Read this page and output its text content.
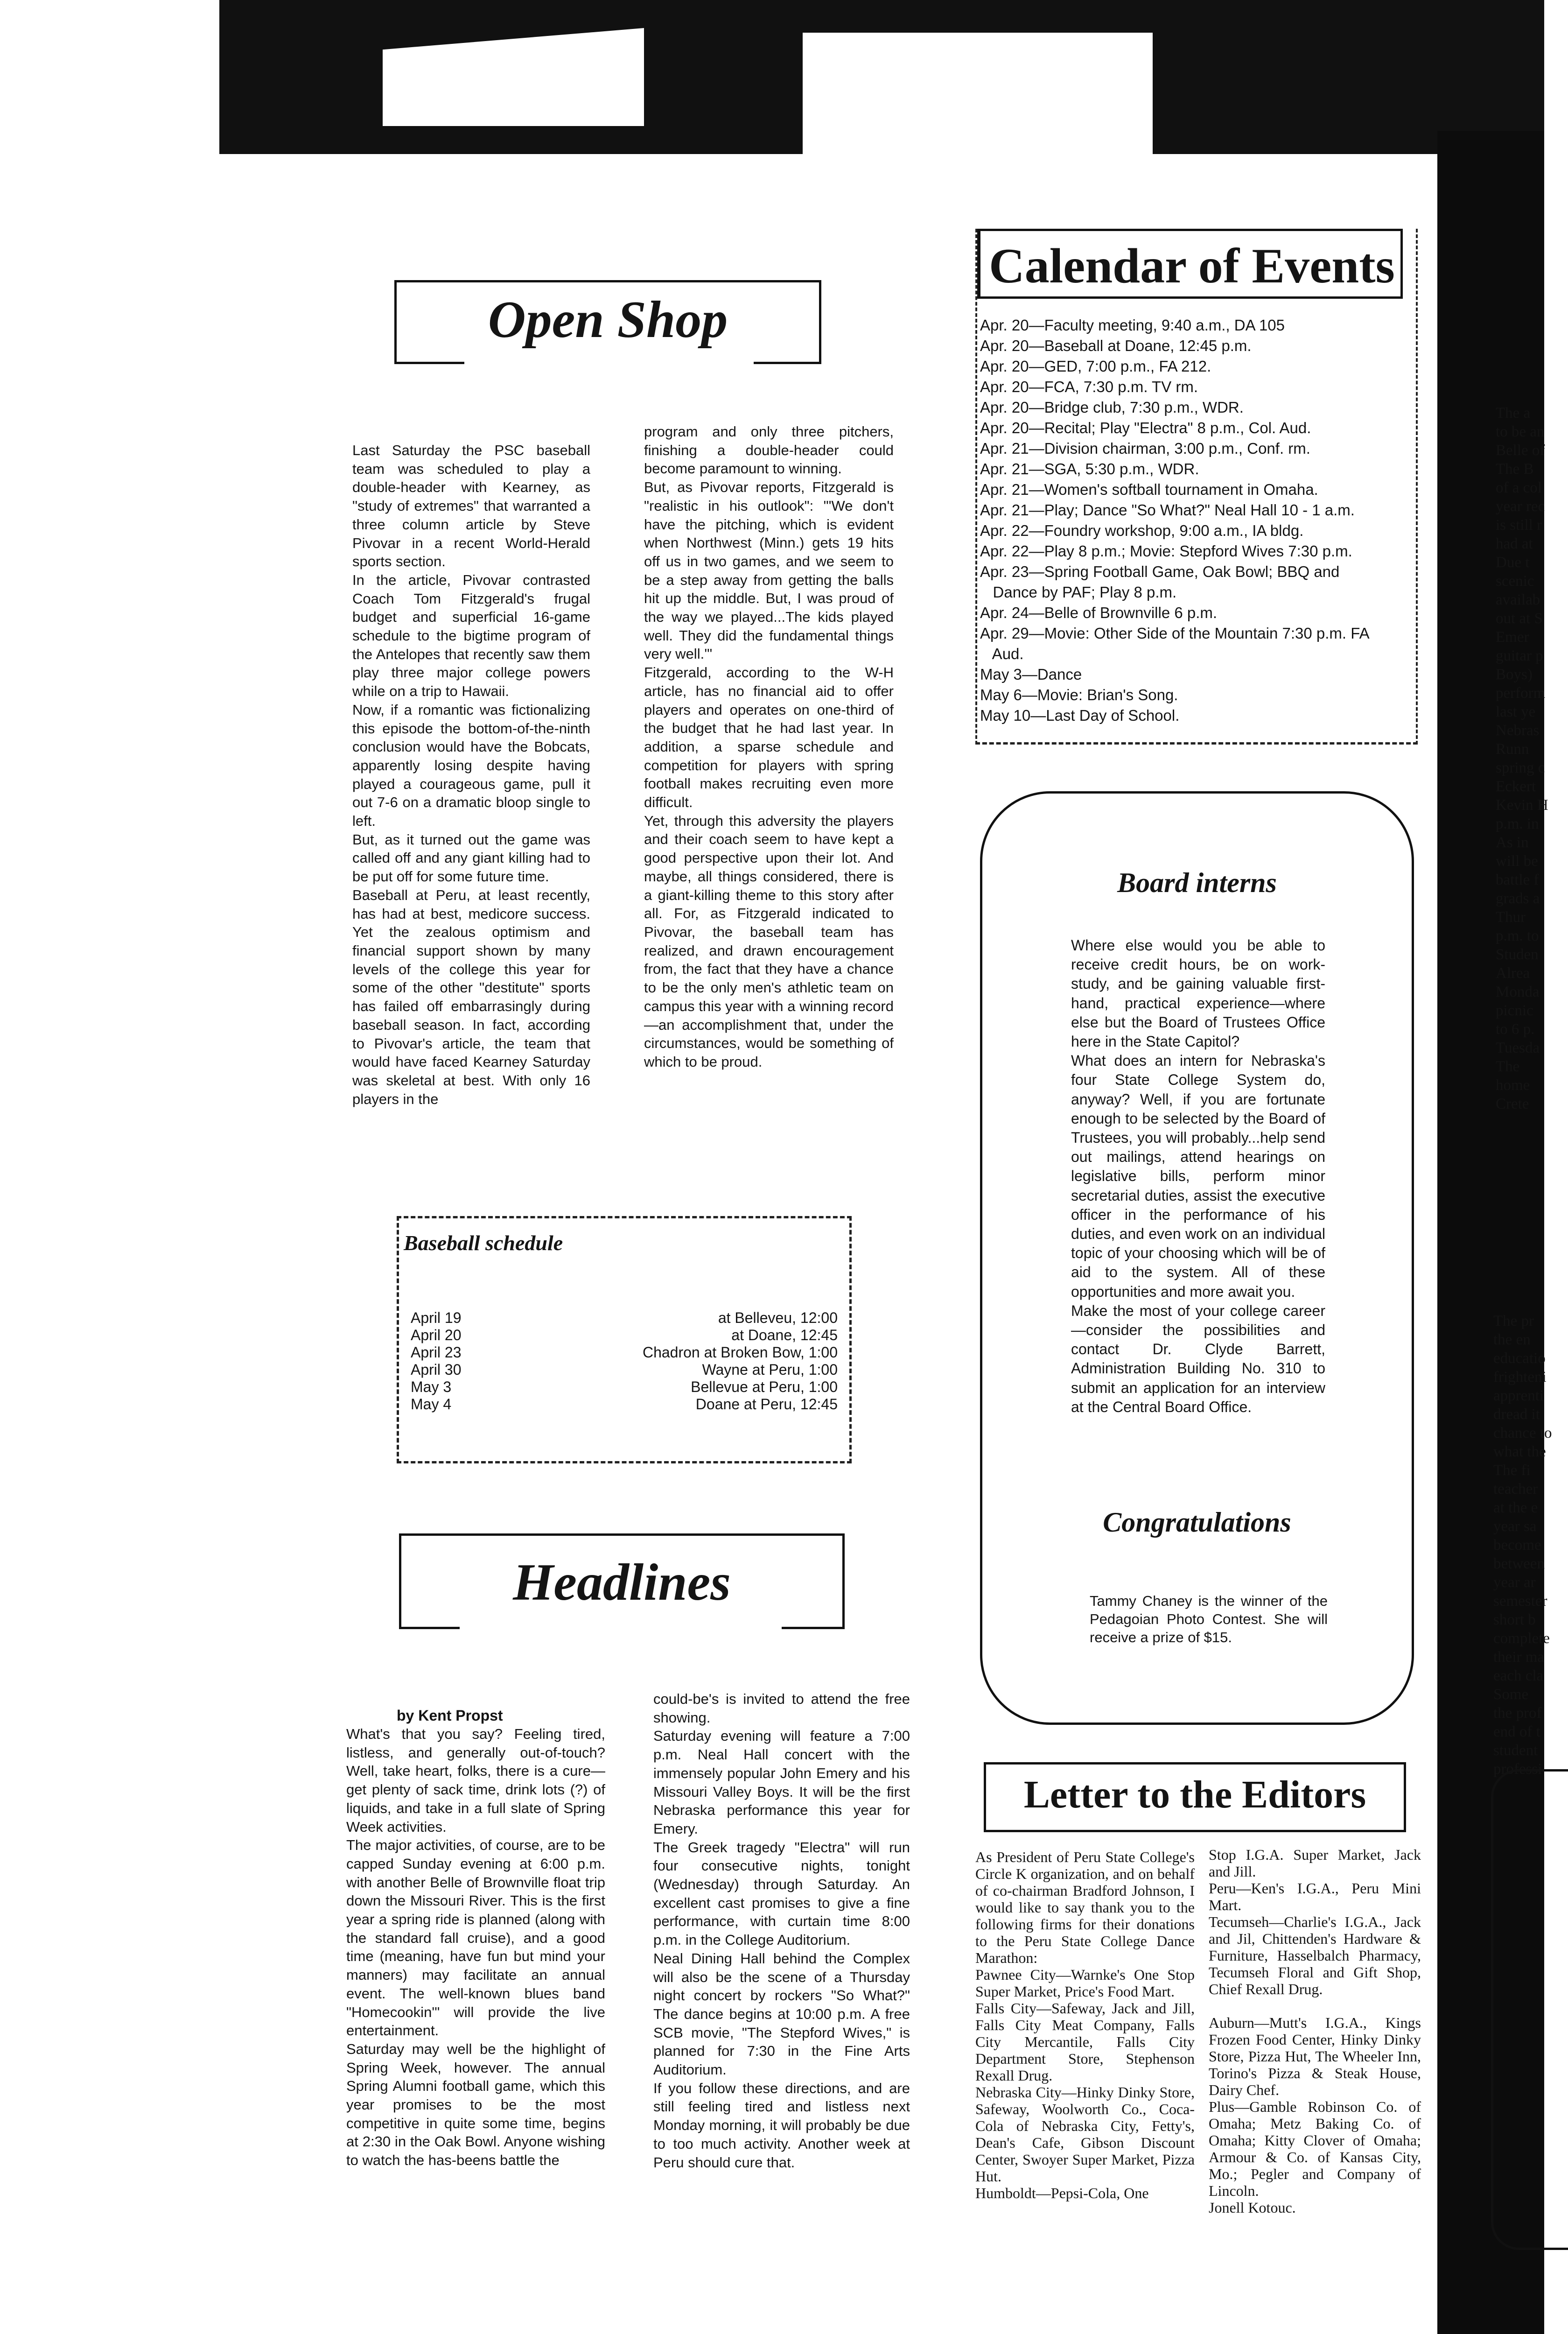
Open Shop
Last Saturday the PSC baseball team was scheduled to play a double-header with Kearney, as "study of extremes" that warranted a three column article by Steve Pivovar in a recent World-Herald sports section.
In the article, Pivovar contrasted Coach Tom Fitzgerald's frugal budget and superficial 16-game schedule to the bigtime program of the Antelopes that recently saw them play three major college powers while on a trip to Hawaii.
Now, if a romantic was fictionalizing this episode the bottom-of-the-ninth conclusion would have the Bobcats, apparently losing despite having played a courageous game, pull it out 7-6 on a dramatic bloop single to left.
But, as it turned out the game was called off and any giant killing had to be put off for some future time.
Baseball at Peru, at least recently, has had at best, medicore success. Yet the zealous optimism and financial support shown by many levels of the college this year for some of the other "destitute" sports has failed off embarrasingly during baseball season. In fact, according to Pivovar's article, the team that would have faced Kearney Saturday was skeletal at best. With only 16 players in the
program and only three pitchers, finishing a double-header could become paramount to winning.
But, as Pivovar reports, Fitzgerald is "realistic in his outlook": "'We don't have the pitching, which is evident when Northwest (Minn.) gets 19 hits off us in two games, and we seem to be a step away from getting the balls hit up the middle. But, I was proud of the way we played...The kids played well. They did the fundamental things very well.'"
Fitzgerald, according to the W-H article, has no financial aid to offer players and operates on one-third of the budget that he had last year. In addition, a sparse schedule and competition for players with spring football makes recruiting even more difficult.
Yet, through this adversity the players and their coach seem to have kept a good perspective upon their lot. And maybe, all things considered, there is a giant-killing theme to this story after all. For, as Fitzgerald indicated to Pivovar, the baseball team has realized, and drawn encouragement from, the fact that they have a chance to be the only men's athletic team on campus this year with a winning record—an accomplishment that, under the circumstances, would be something of which to be proud.
Baseball schedule
April 19	at Belleveu, 12:00
April 20	at Doane, 12:45
April 23	Chadron at Broken Bow, 1:00
April 30	Wayne at Peru, 1:00
May 3	Bellevue at Peru, 1:00
May 4	Doane at Peru, 12:45
Headlines
by Kent Propst
What's that you say? Feeling tired, listless, and generally out-of-touch? Well, take heart, folks, there is a cure—get plenty of sack time, drink lots (?) of liquids, and take in a full slate of Spring Week activities.
The major activities, of course, are to be capped Sunday evening at 6:00 p.m. with another Belle of Brownville float trip down the Missouri River. This is the first year a spring ride is planned (along with the standard fall cruise), and a good time (meaning, have fun but mind your manners) may facilitate an annual event. The well-known blues band "Homecookin'" will provide the live entertainment.
Saturday may well be the highlight of Spring Week, however. The annual Spring Alumni football game, which this year promises to be the most competitive in quite some time, begins at 2:30 in the Oak Bowl. Anyone wishing to watch the has-beens battle the
could-be's is invited to attend the free showing.
Saturday evening will feature a 7:00 p.m. Neal Hall concert with the immensely popular John Emery and his Missouri Valley Boys. It will be the first Nebraska performance this year for Emery.
The Greek tragedy "Electra" will run four consecutive nights, tonight (Wednesday) through Saturday. An excellent cast promises to give a fine performance, with curtain time 8:00 p.m. in the College Auditorium.
Neal Dining Hall behind the Complex will also be the scene of a Thursday night concert by rockers "So What?" The dance begins at 10:00 p.m. A free SCB movie, "The Stepford Wives," is planned for 7:30 in the Fine Arts Auditorium.
If you follow these directions, and are still feeling tired and listless next Monday morning, it will probably be due to too much activity. Another week at Peru should cure that.
Calendar of Events
Apr. 20—Faculty meeting, 9:40 a.m., DA 105
Apr. 20—Baseball at Doane, 12:45 p.m.
Apr. 20—GED, 7:00 p.m., FA 212.
Apr. 20—FCA, 7:30 p.m. TV rm.
Apr. 20—Bridge club, 7:30 p.m., WDR.
Apr. 20—Recital; Play "Electra" 8 p.m., Col. Aud.
Apr. 21—Division chairman, 3:00 p.m., Conf. rm.
Apr. 21—SGA, 5:30 p.m., WDR.
Apr. 21—Women's softball tournament in Omaha.
Apr. 21—Play; Dance "So What?" Neal Hall 10 - 1 a.m.
Apr. 22—Foundry workshop, 9:00 a.m., IA bldg.
Apr. 22—Play 8 p.m.; Movie: Stepford Wives 7:30 p.m.
Apr. 23—Spring Football Game, Oak Bowl; BBQ and
Dance by PAF; Play 8 p.m.
Apr. 24—Belle of Brownville 6 p.m.
Apr. 29—Movie: Other Side of the Mountain 7:30 p.m. FA
Aud.
May 3—Dance
May 6—Movie: Brian's Song.
May 10—Last Day of School.
Board interns
Where else would you be able to receive credit hours, be on work-study, and be gaining valuable first-hand, practical experience—where else but the Board of Trustees Office here in the State Capitol?
What does an intern for Nebraska's four State College System do, anyway? Well, if you are fortunate enough to be selected by the Board of Trustees, you will probably...help send out mailings, attend hearings on legislative bills, perform minor secretarial duties, assist the executive officer in the performance of his duties, and even work on an individual topic of your choosing which will be of aid to the system. All of these opportunities and more await you.
Make the most of your college career—consider the possibilities and contact Dr. Clyde Barrett, Administration Building No. 310 to submit an application for an interview at the Central Board Office.
Congratulations
Tammy Chaney is the winner of the Pedagoian Photo Contest. She will receive a prize of $15.
Letter to the Editors
As President of Peru State College's Circle K organization, and on behalf of co-chairman Bradford Johnson, I would like to say thank you to the following firms for their donations to the Peru State College Dance Marathon:
Pawnee City—Warnke's One Stop Super Market, Price's Food Mart.
Falls City—Safeway, Jack and Jill, Falls City Meat Company, Falls City Mercantile, Falls City Department Store, Stephenson Rexall Drug.
Nebraska City—Hinky Dinky Store, Safeway, Woolworth Co., Coca-Cola of Nebraska City, Fetty's, Dean's Cafe, Gibson Discount Center, Swoyer Super Market, Pizza Hut.
Humboldt—Pepsi-Cola, One
Stop I.G.A. Super Market, Jack and Jill.
Peru—Ken's I.G.A., Peru Mini Mart.
Tecumseh—Charlie's I.G.A., Jack and Jil, Chittenden's Hardware & Furniture, Hasselbalch Pharmacy, Tecumseh Floral and Gift Shop, Chief Rexall Drug.

Auburn—Mutt's I.G.A., Kings Frozen Food Center, Hinky Dinky Store, Pizza Hut, The Wheeler Inn, Torino's Pizza & Steak House, Dairy Chef.
Plus—Gamble Robinson Co. of Omaha; Metz Baking Co. of Omaha; Kitty Clover of Omaha; Armour & Co. of Kansas City, Mo.; Pegler and Company of Lincoln.
Jonell Kotouc.
The a
to be an
Belle of
The B
of a col
year rec
is still r
had at
Due t
scenic
availab
out at S
Emer
guitar p
Boys)
perform
last ye
Nebras
Runn
spring c
Eckert
Kevin H
p.m. in
As in
will be
battle f
grads a
Thur
p.m. to
Studen
Alrea
Monda
picnic
to 6 p.
Tuesda
The
home
Crete
The pr
the en
educatio
frighteni
apprenti
dread it
chance to
what the
The fi
teacher
at the e
year sa
become
between
year ar
semester
short b
complete
their ma
each cla
Some
the prof
end of t
student
professi
